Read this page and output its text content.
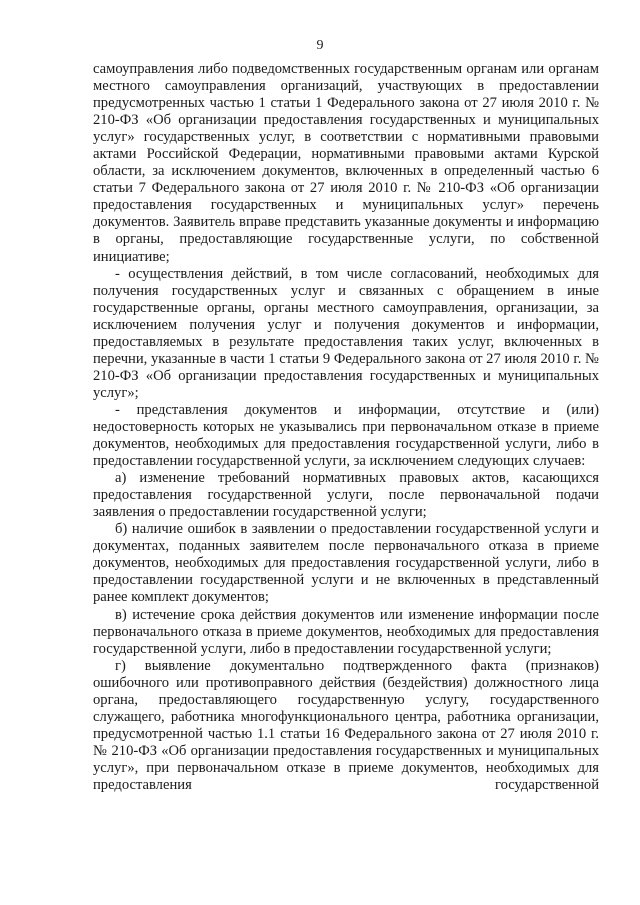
9

самоуправления либо подведомственных государственным органам или органам местного самоуправления организаций, участвующих в предоставлении предусмотренных частью 1 статьи 1 Федерального закона от 27 июля 2010 г. № 210-ФЗ «Об организации предоставления государственных и муниципальных услуг» государственных услуг, в соответствии с нормативными правовыми актами Российской Федерации, нормативными правовыми актами Курской области, за исключением документов, включенных в определенный частью 6 статьи 7 Федерального закона от 27 июля 2010 г. № 210-ФЗ «Об организации предоставления государственных и муниципальных услуг» перечень документов. Заявитель вправе представить указанные документы и информацию в органы, предоставляющие государственные услуги, по собственной инициативе;

- осуществления действий, в том числе согласований, необходимых для получения государственных услуг и связанных с обращением в иные государственные органы, органы местного самоуправления, организации, за исключением получения услуг и получения документов и информации, предоставляемых в результате предоставления таких услуг, включенных в перечни, указанные в части 1 статьи 9 Федерального закона от 27 июля 2010 г. № 210-ФЗ «Об организации предоставления государственных и муниципальных услуг»;

- представления документов и информации, отсутствие и (или) недостоверность которых не указывались при первоначальном отказе в приеме документов, необходимых для предоставления государственной услуги, либо в предоставлении государственной услуги, за исключением следующих случаев:

а) изменение требований нормативных правовых актов, касающихся предоставления государственной услуги, после первоначальной подачи заявления о предоставлении государственной услуги;

б) наличие ошибок в заявлении о предоставлении государственной услуги и документах, поданных заявителем после первоначального отказа в приеме документов, необходимых для предоставления государственной услуги, либо в предоставлении государственной услуги и не включенных в представленный ранее комплект документов;

в) истечение срока действия документов или изменение информации после первоначального отказа в приеме документов, необходимых для предоставления государственной услуги, либо в предоставлении государственной услуги;

г) выявление документально подтвержденного факта (признаков) ошибочного или противоправного действия (бездействия) должностного лица органа, предоставляющего государственную услугу, государственного служащего, работника многофункционального центра, работника организации, предусмотренной частью 1.1 статьи 16 Федерального закона от 27 июля 2010 г. № 210-ФЗ «Об организации предоставления государственных и муниципальных услуг», при первоначальном отказе в приеме документов, необходимых для предоставления государственной
